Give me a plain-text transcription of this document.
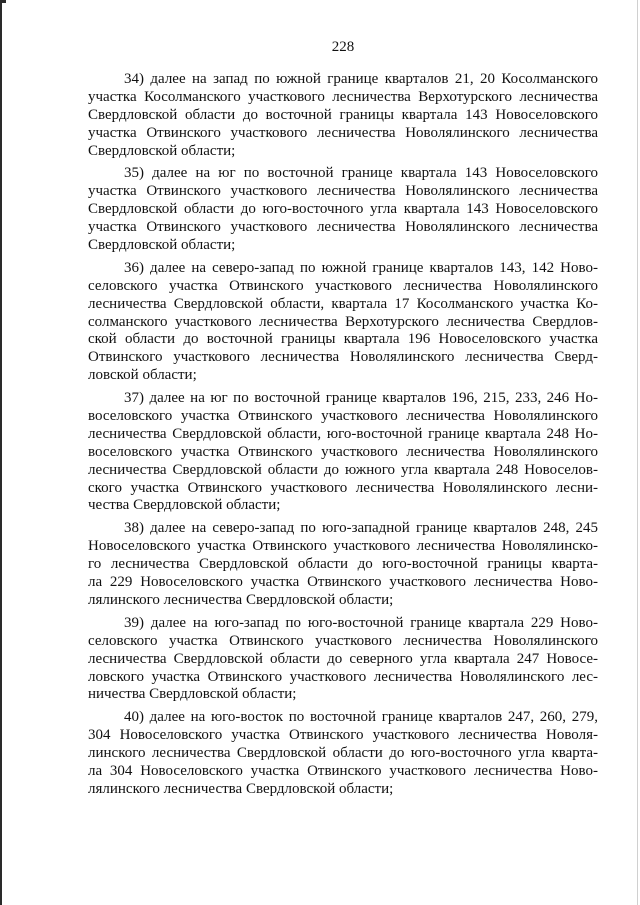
228
34) далее на запад по южной границе кварталов 21, 20 Косолманского
участка Косолманского участкового лесничества Верхотурского лесничества
Свердловской области до восточной границы квартала 143 Новоселовского
участка Отвинского участкового лесничества Новолялинского лесничества
Свердловской области;
35) далее на юг по восточной границе квартала 143 Новоселовского
участка Отвинского участкового лесничества Новолялинского лесничества
Свердловской области до юго-восточного угла квартала 143 Новоселовского
участка Отвинского участкового лесничества Новолялинского лесничества
Свердловской области;
36) далее на северо-запад по южной границе кварталов 143, 142 Ново-
селовского участка Отвинского участкового лесничества Новолялинского
лесничества Свердловской области, квартала 17 Косолманского участка Ко-
солманского участкового лесничества Верхотурского лесничества Свердлов-
ской области до восточной границы квартала 196 Новоселовского участка
Отвинского участкового лесничества Новолялинского лесничества Сверд-
ловской области;
37) далее на юг по восточной границе кварталов 196, 215, 233, 246 Но-
воселовского участка Отвинского участкового лесничества Новолялинского
лесничества Свердловской области, юго-восточной границе квартала 248 Но-
воселовского участка Отвинского участкового лесничества Новолялинского
лесничества Свердловской области до южного угла квартала 248 Новоселов-
ского участка Отвинского участкового лесничества Новолялинского лесни-
чества Свердловской области;
38) далее на северо-запад по юго-западной границе кварталов 248, 245
Новоселовского участка Отвинского участкового лесничества Новолялинско-
го лесничества Свердловской области до юго-восточной границы кварта-
ла 229 Новоселовского участка Отвинского участкового лесничества Ново-
лялинского лесничества Свердловской области;
39) далее на юго-запад по юго-восточной границе квартала 229 Ново-
селовского участка Отвинского участкового лесничества Новолялинского
лесничества Свердловской области до северного угла квартала 247 Новосе-
ловского участка Отвинского участкового лесничества Новолялинского лес-
ничества Свердловской области;
40) далее на юго-восток по восточной границе кварталов 247, 260, 279,
304 Новоселовского участка Отвинского участкового лесничества Новоля-
линского лесничества Свердловской области до юго-восточного угла кварта-
ла 304 Новоселовского участка Отвинского участкового лесничества Ново-
лялинского лесничества Свердловской области;
